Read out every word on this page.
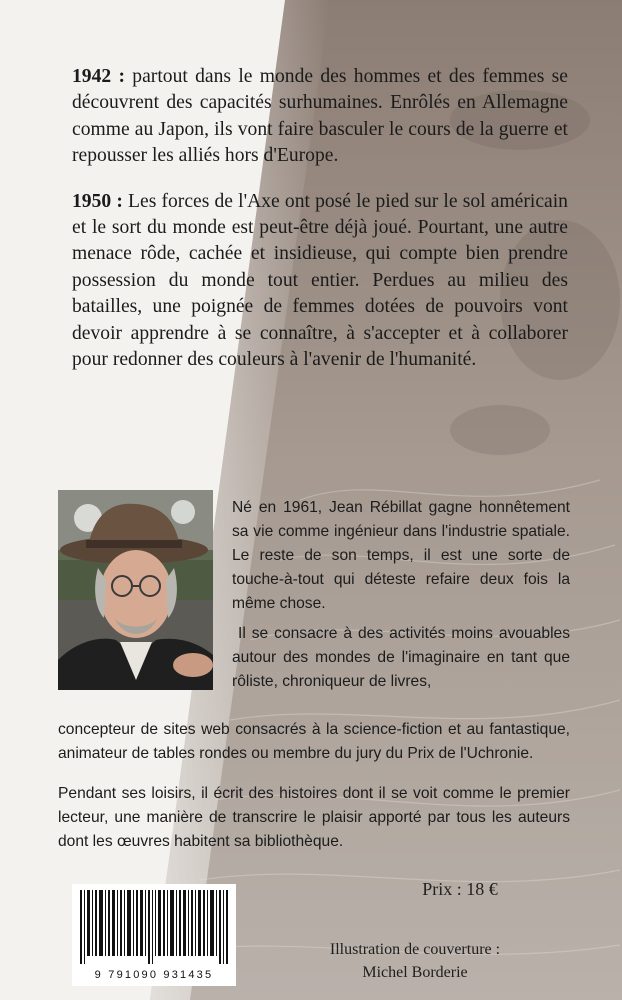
1942 : partout dans le monde des hommes et des femmes se découvrent des capacités surhumaines. Enrôlés en Allemagne comme au Japon, ils vont faire basculer le cours de la guerre et repousser les alliés hors d'Europe.

1950 : Les forces de l'Axe ont posé le pied sur le sol américain et le sort du monde est peut-être déjà joué. Pourtant, une autre menace rôde, cachée et insidieuse, qui compte bien prendre possession du monde tout entier. Perdues au milieu des batailles, une poignée de femmes dotées de pouvoirs vont devoir apprendre à se connaître, à s'accepter et à collaborer pour redonner des couleurs à l'avenir de l'humanité.

Né en 1961, Jean Rébillat gagne honnêtement sa vie comme ingénieur dans l'industrie spatiale. Le reste de son temps, il est une sorte de touche-à-tout qui déteste refaire deux fois la même chose.

Il se consacre à des activités moins avouables autour des mondes de l'imaginaire en tant que rôliste, chroniqueur de livres,

concepteur de sites web consacrés à la science-fiction et au fantastique, animateur de tables rondes ou membre du jury du Prix de l'Uchronie.

Pendant ses loisirs, il écrit des histoires dont il se voit comme le premier lecteur, une manière de transcrire le plaisir apporté par tous les auteurs dont les œuvres habitent sa bibliothèque.

Prix : 18 €
9 791090 931435
Illustration de couverture :
Michel Borderie
